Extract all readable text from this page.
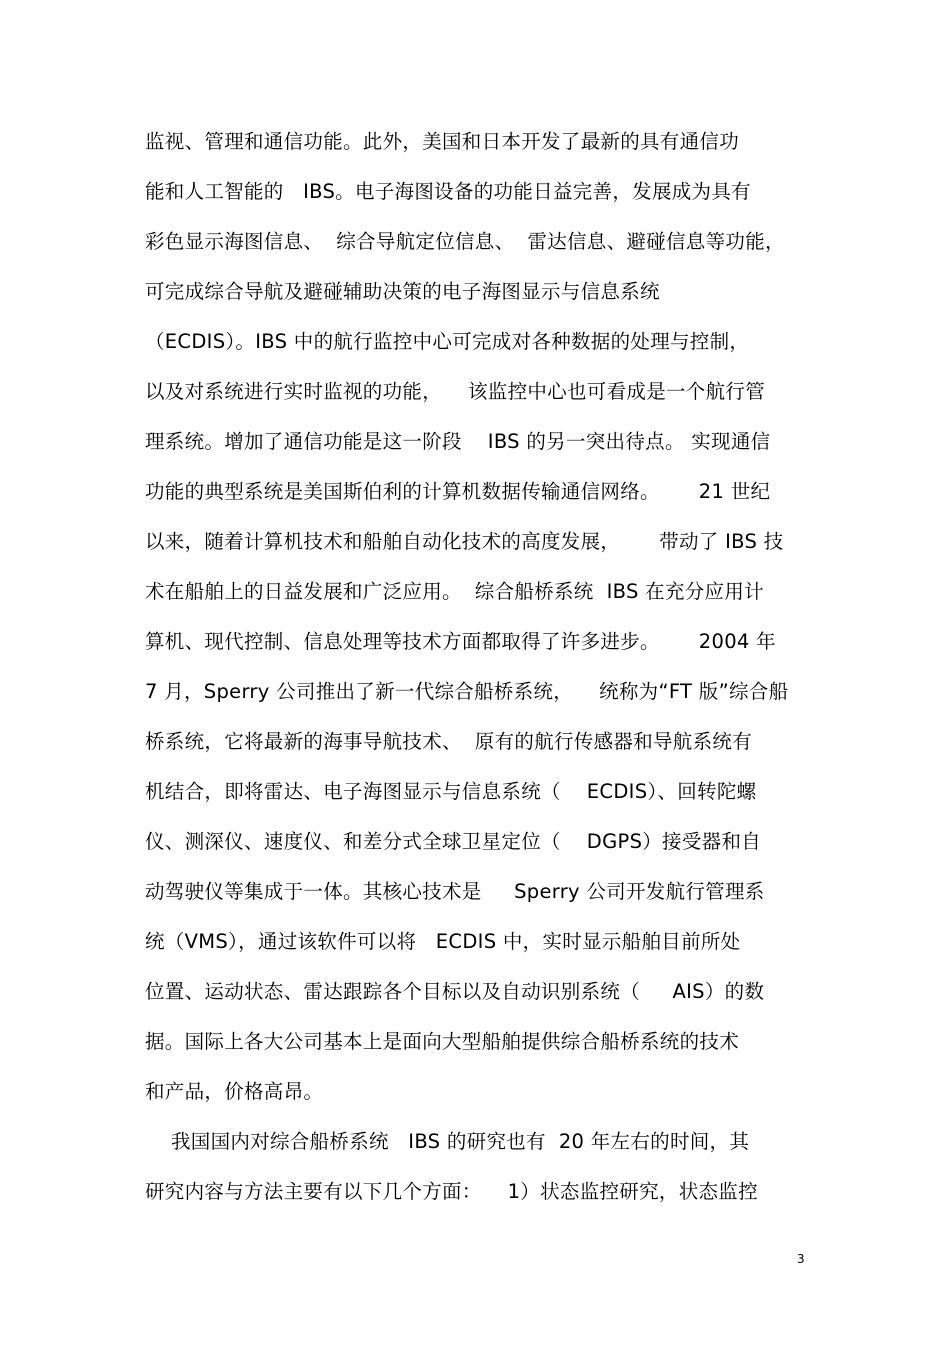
监视、管理和通信功能。此外，美国和日本开发了最新的具有通信功
能和人工智能的   IBS。电子海图设备的功能日益完善，发展成为具有
彩色显示海图信息、  综合导航定位信息、  雷达信息、避碰信息等功能，
可完成综合导航及避碰辅助决策的电子海图显示与信息系统
（ECDIS）。IBS 中的航行监控中心可完成对各种数据的处理与控制，
以及对系统进行实时监视的功能，    该监控中心也可看成是一个航行管
理系统。增加了通信功能是这一阶段    IBS 的另一突出待点。 实现通信
功能的典型系统是美国斯伯利的计算机数据传输通信网络。      21 世纪
以来，随着计算机技术和船舶自动化技术的高度发展，      带动了 IBS 技
术在船舶上的日益发展和广泛应用。  综合船桥系统  IBS 在充分应用计
算机、现代控制、信息处理等技术方面都取得了许多进步。      2004 年
7 月，Sperry 公司推出了新一代综合船桥系统，    统称为“FT 版”综合船
桥系统，它将最新的海事导航技术、  原有的航行传感器和导航系统有
机结合，即将雷达、电子海图显示与信息系统（    ECDIS）、回转陀螺
仪、测深仪、速度仪、和差分式全球卫星定位（    DGPS）接受器和自
动驾驶仪等集成于一体。其核心技术是     Sperry 公司开发航行管理系
统（VMS），通过该软件可以将   ECDIS 中，实时显示船舶目前所处
位置、运动状态、雷达跟踪各个目标以及自动识别系统（     AIS）的数
据。国际上各大公司基本上是面向大型船舶提供综合船桥系统的技术
和产品，价格高昂。
我国国内对综合船桥系统   IBS 的研究也有  20 年左右的时间，其
研究内容与方法主要有以下几个方面：    1）状态监控研究，状态监控
3
